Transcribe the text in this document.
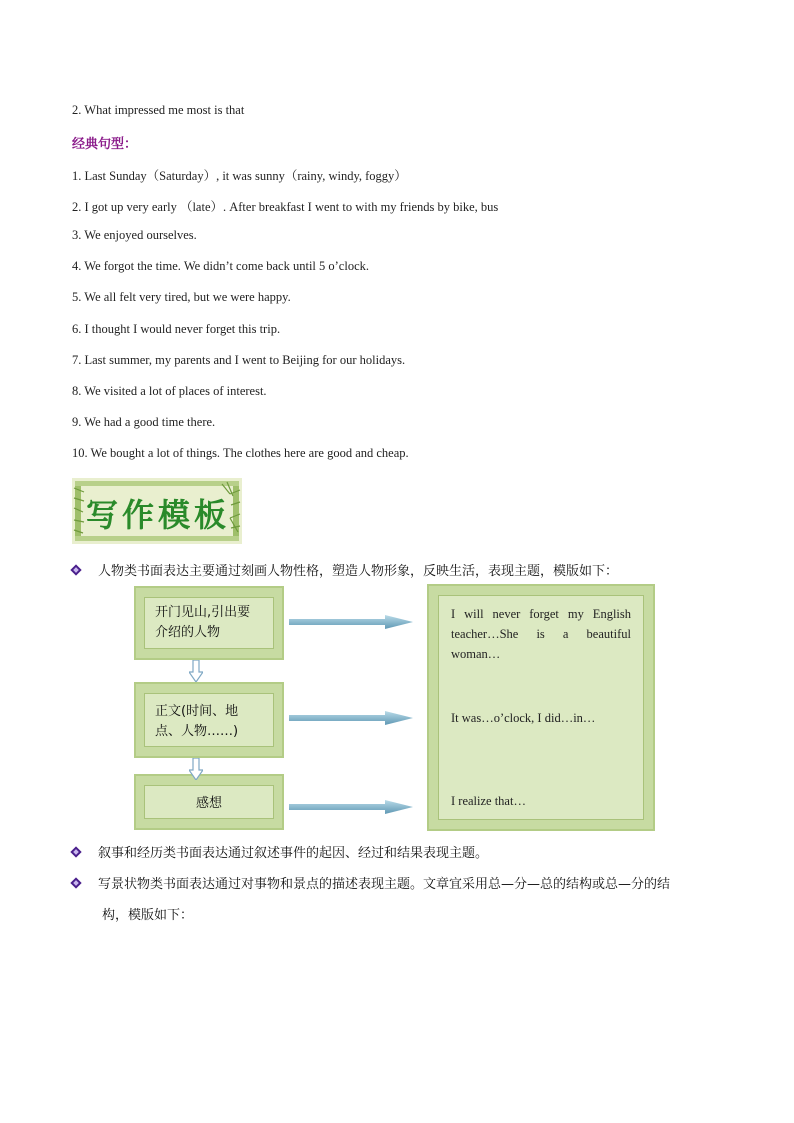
2. What impressed me most is that
经典句型：
1. Last Sunday（Saturday）, it was sunny（rainy, windy, foggy）
2. I got up very early （late）. After breakfast I went to with my friends by bike, bus
3. We enjoyed ourselves.
4. We forgot the time. We didn’t come back until 5 o’clock.
5. We all felt very tired, but we were happy.
6. I thought I would never forget this trip.
7. Last summer, my parents and I went to Beijing for our holidays.
8. We visited a lot of places of interest.
9. We had a good time there.
10. We bought a lot of things. The clothes here are good and cheap.
写作模板
人物类书面表达主要通过刻画人物性格，塑造人物形象，反映生活，表现主题，模版如下：
开门见山,引出要介绍的人物
正文(时间、地点、人物……)
感想
I will never forget my English teacher…She is a beautiful woman…
It was…o’clock, I did…in…
I realize that…
叙事和经历类书面表达通过叙述事件的起因、经过和结果表现主题。
写景状物类书面表达通过对事物和景点的描述表现主题。文章宜采用总—分—总的结构或总—分的结
构，模版如下：
